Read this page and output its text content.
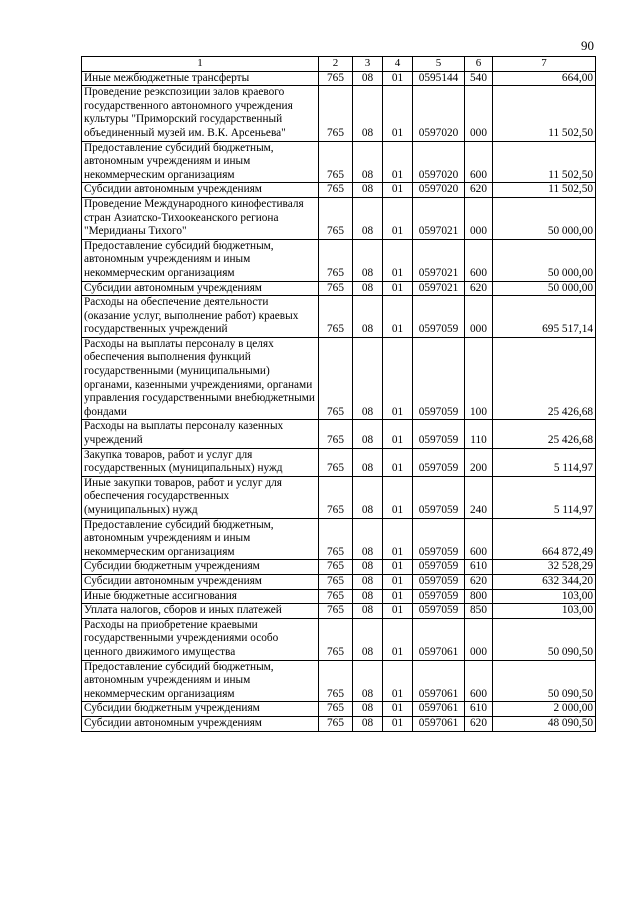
90
1	2	3	4	5	6	7
Иные межбюджетные трансферты	765	08	01	0595144	540	664,00
Проведение реэкспозиции залов краевого государственного автономного учреждения культуры "Приморский государственный объединенный музей им. В.К. Арсеньева"	765	08	01	0597020	000	11 502,50
Предоставление субсидий бюджетным, автономным учреждениям и иным некоммерческим организациям	765	08	01	0597020	600	11 502,50
Субсидии автономным учреждениям	765	08	01	0597020	620	11 502,50
Проведение Международного кинофестиваля стран Азиатско-Тихоокеанского региона "Меридианы Тихого"	765	08	01	0597021	000	50 000,00
Предоставление субсидий бюджетным, автономным учреждениям и иным некоммерческим организациям	765	08	01	0597021	600	50 000,00
Субсидии автономным учреждениям	765	08	01	0597021	620	50 000,00
Расходы на обеспечение деятельности (оказание услуг, выполнение работ) краевых государственных учреждений	765	08	01	0597059	000	695 517,14
Расходы на выплаты персоналу в целях обеспечения выполнения функций государственными (муниципальными) органами, казенными учреждениями, органами управления государственными внебюджетными фондами	765	08	01	0597059	100	25 426,68
Расходы на выплаты персоналу казенных учреждений	765	08	01	0597059	110	25 426,68
Закупка товаров, работ и услуг для государственных (муниципальных) нужд	765	08	01	0597059	200	5 114,97
Иные закупки товаров, работ и услуг для обеспечения государственных (муниципальных) нужд	765	08	01	0597059	240	5 114,97
Предоставление субсидий бюджетным, автономным учреждениям и иным некоммерческим организациям	765	08	01	0597059	600	664 872,49
Субсидии бюджетным учреждениям	765	08	01	0597059	610	32 528,29
Субсидии автономным учреждениям	765	08	01	0597059	620	632 344,20
Иные бюджетные ассигнования	765	08	01	0597059	800	103,00
Уплата налогов, сборов и иных платежей	765	08	01	0597059	850	103,00
Расходы на приобретение краевыми государственными учреждениями особо ценного движимого имущества	765	08	01	0597061	000	50 090,50
Предоставление субсидий бюджетным, автономным учреждениям и иным некоммерческим организациям	765	08	01	0597061	600	50 090,50
Субсидии бюджетным учреждениям	765	08	01	0597061	610	2 000,00
Субсидии автономным учреждениям	765	08	01	0597061	620	48 090,50
